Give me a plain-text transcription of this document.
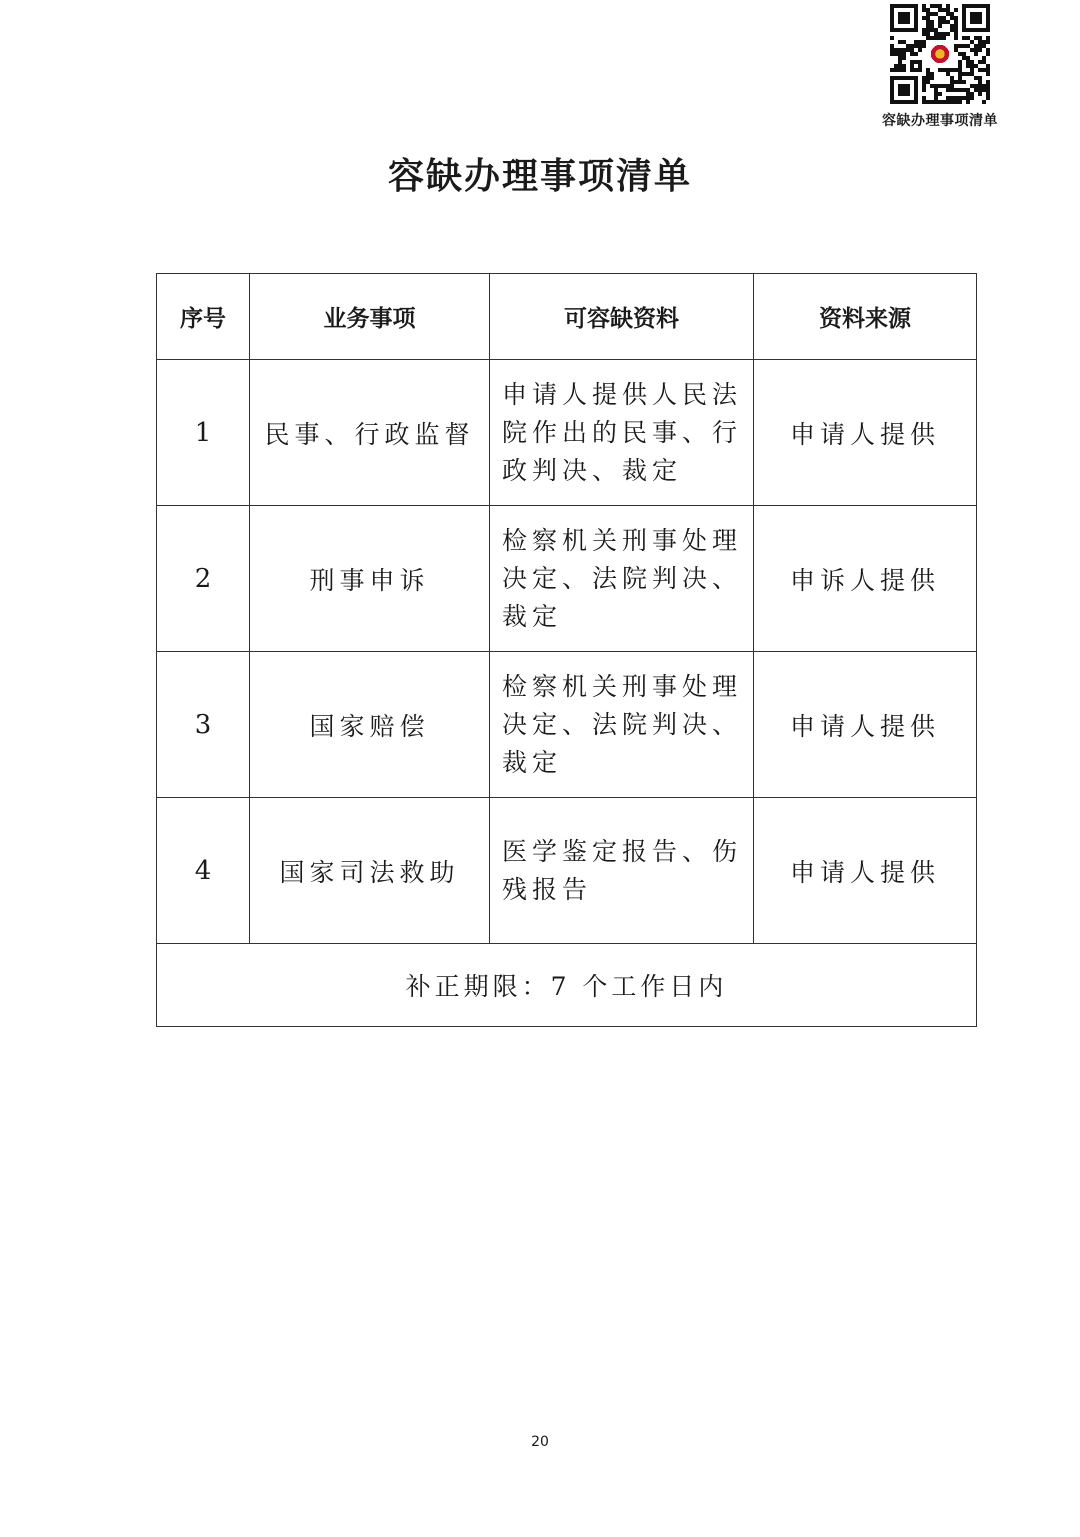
容缺办理事项清单
容缺办理事项清单
序号	业务事项	可容缺资料	资料来源
1	民事、行政监督	申请人提供人民法院作出的民事、行政判决、裁定	申请人提供
2	刑事申诉	检察机关刑事处理决定、法院判决、裁定	申诉人提供
3	国家赔偿	检察机关刑事处理决定、法院判决、裁定	申请人提供
4	国家司法救助	医学鉴定报告、伤残报告	申请人提供
补正期限：7 个工作日内			
20
